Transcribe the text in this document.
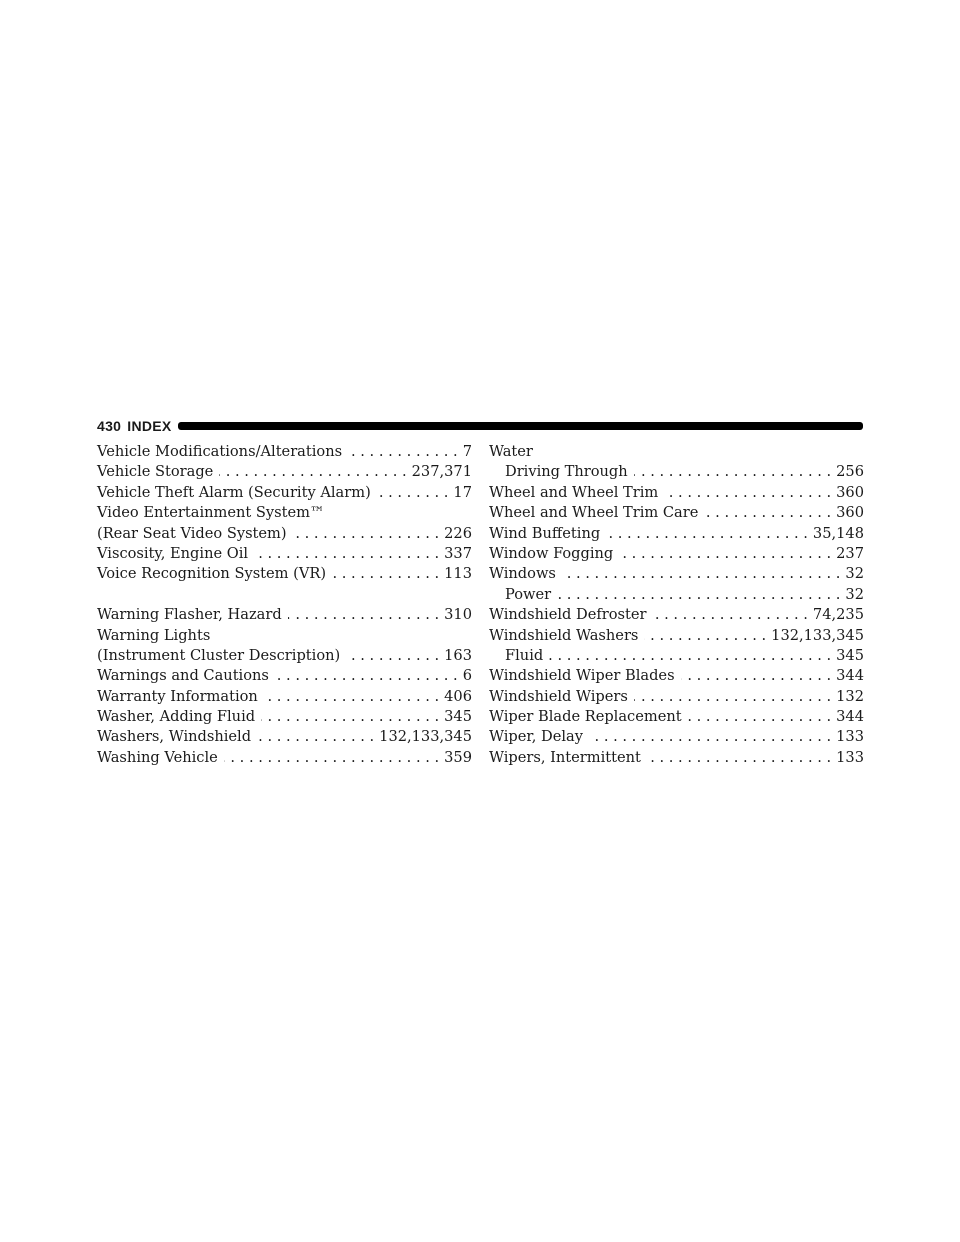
430 INDEX
Vehicle Modifications/Alterations . . .	7
Vehicle Storage . . .	237,371
Vehicle Theft Alarm (Security Alarm) . . .	17
Video Entertainment System™
(Rear Seat Video System) . . .	226
Viscosity, Engine Oil . . .	337
Voice Recognition System (VR) . . .	113
Warning Flasher, Hazard . . .	310
Warning Lights
(Instrument Cluster Description) . . .	163
Warnings and Cautions . . .	6
Warranty Information . . .	406
Washer, Adding Fluid . . .	345
Washers, Windshield . . .	132,133,345
Washing Vehicle . . .	359
Water
Driving Through . . .	256
Wheel and Wheel Trim . . .	360
Wheel and Wheel Trim Care . . .	360
Wind Buffeting . . .	35,148
Window Fogging . . .	237
Windows . . .	32
Power . . .	32
Windshield Defroster . . .	74,235
Windshield Washers . . .	132,133,345
Fluid . . .	345
Windshield Wiper Blades . . .	344
Windshield Wipers . . .	132
Wiper Blade Replacement . . .	344
Wiper, Delay . . .	133
Wipers, Intermittent . . .	133
